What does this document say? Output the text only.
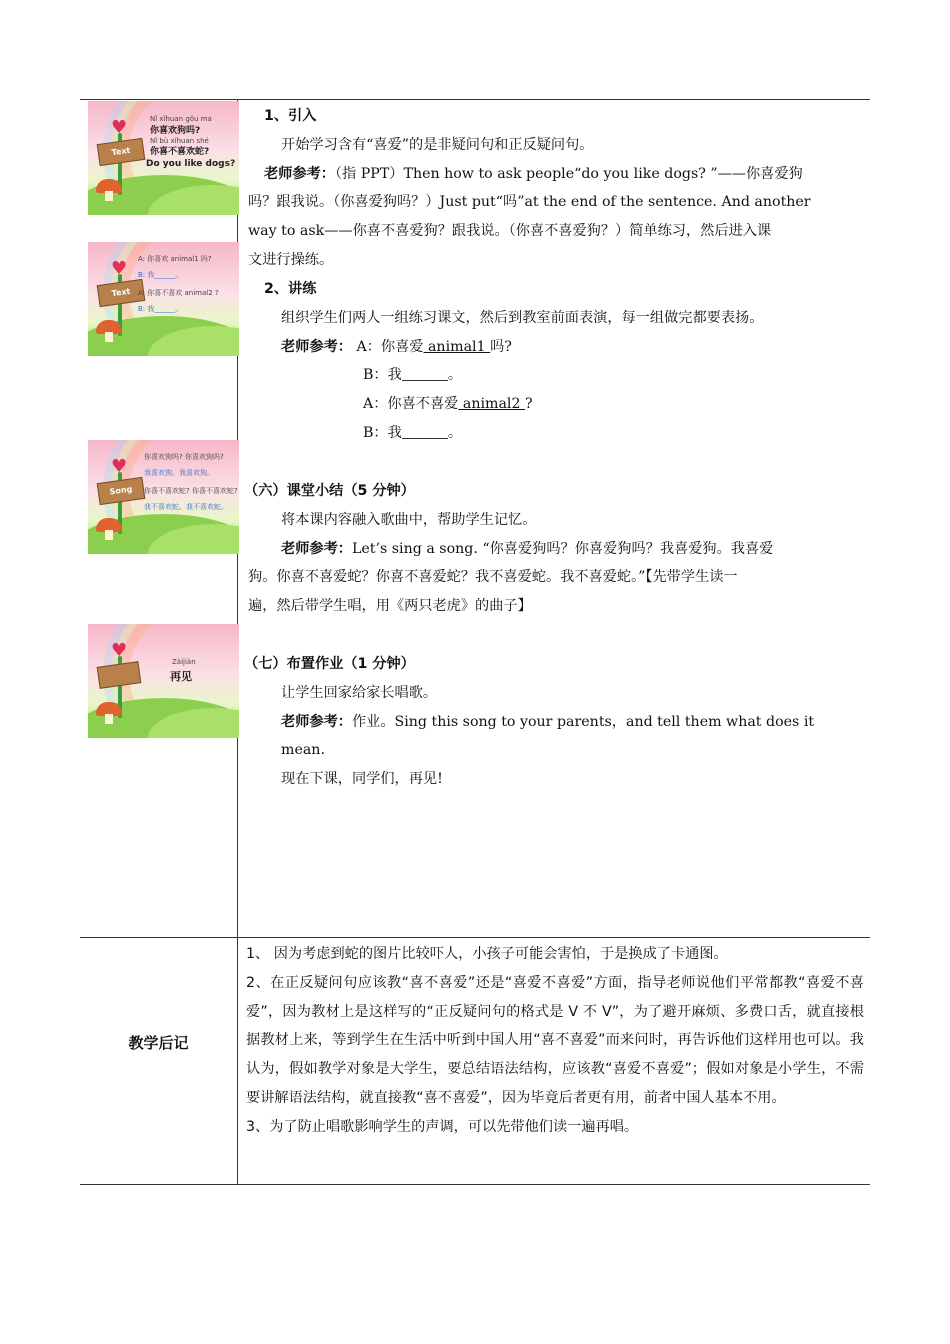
♥
Text
Nǐ xǐhuan gǒu ma
你喜欢狗吗?
Nǐ bù xǐhuan shé
你喜不喜欢蛇?
Do you like dogs?
♥
Text
A: 你喜欢 animal1 吗?
B: 我______。
A: 你喜不喜欢 animal2 ?
B: 我______。
♥
Song
你喜欢狗吗? 你喜欢狗吗?
我喜欢狗。我喜欢狗。
你喜不喜欢蛇? 你喜不喜欢蛇?
我不喜欢蛇。我不喜欢蛇。
♥
Zàijiàn
再见

1、引入

开始学习含有“喜爱”的是非疑问句和正反疑问句。

老师参考：（指 PPT）Then how to ask people“do you like dogs? ”——你喜爱狗

吗？跟我说。（你喜爱狗吗？）Just put“吗”at the end of the sentence. And another

way to ask——你喜不喜爱狗？跟我说。（你喜不喜爱狗？）简单练习，然后进入课

文进行操练。

2、讲练

组织学生们两人一组练习课文，然后到教室前面表演，每一组做完都要表扬。

老师参考： A：你喜爱 animal1 吗?

B：我	。

A：你喜不喜爱 animal2 ?

B：我	。

（六）课堂小结（5 分钟）

将本课内容融入歌曲中，帮助学生记忆。

老师参考：Let’s sing a song. “你喜爱狗吗？你喜爱狗吗？我喜爱狗。我喜爱

狗。你喜不喜爱蛇？你喜不喜爱蛇？我不喜爱蛇。我不喜爱蛇。”【先带学生读一

遍，然后带学生唱，用《两只老虎》的曲子】

（七）布置作业（1 分钟）

让学生回家给家长唱歌。

老师参考：作业。Sing this song to your parents，and tell them what does it mean.

现在下课，同学们，再见!

教学后记

1、 因为考虑到蛇的图片比较吓人，小孩子可能会害怕，于是换成了卡通图。

2、在正反疑问句应该教“喜不喜爱”还是“喜爱不喜爱”方面，指导老师说他们平常都教“喜爱不喜爱”，因为教材上是这样写的“正反疑问句的格式是 V 不 V”，为了避开麻烦、多费口舌，就直接根据教材上来，等到学生在生活中听到中国人用“喜不喜爱”而来问时，再告诉他们这样用也可以。我认为，假如教学对象是大学生，要总结语法结构，应该教“喜爱不喜爱”；假如对象是小学生，不需要讲解语法结构，就直接教“喜不喜爱”，因为毕竟后者更有用，前者中国人基本不用。

3、为了防止唱歌影响学生的声调，可以先带他们读一遍再唱。
